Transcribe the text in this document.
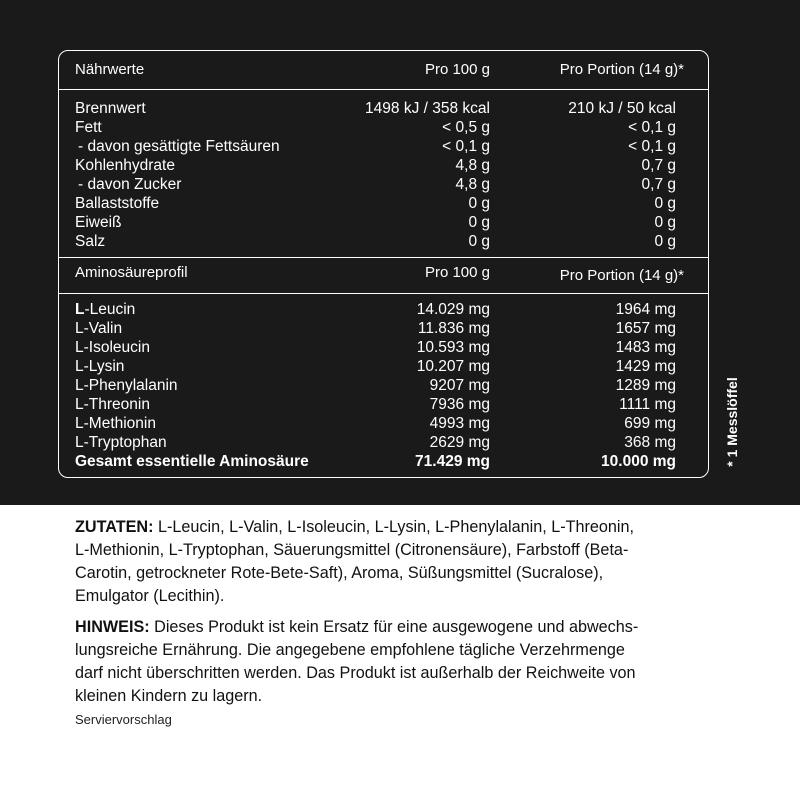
Nährwerte	Pro 100 g	Pro Portion (14 g)*
Brennwert	1498 kJ / 358 kcal	210 kJ / 50 kcal
Fett	< 0,5 g	< 0,1 g
- davon gesättigte Fettsäuren	< 0,1 g	< 0,1 g
Kohlenhydrate	4,8 g	0,7 g
- davon Zucker	4,8 g	0,7 g
Ballaststoffe	0 g	0 g
Eiweiß	0 g	0 g
Salz	0 g	0 g
Aminosäureprofil	Pro 100 g	Pro Portion (14 g)*
L-Leucin	14.029 mg	1964 mg
L-Valin	11.836 mg	1657 mg
L-Isoleucin	10.593 mg	1483 mg
L-Lysin	10.207 mg	1429 mg
L-Phenylalanin	9207 mg	1289 mg
L-Threonin	7936 mg	1111 mg
L-Methionin	4993 mg	699 mg
L-Tryptophan	2629 mg	368 mg
Gesamt essentielle Aminosäure	71.429 mg	10.000 mg	* 1 Messlöffel
ZUTATEN: L-Leucin, L-Valin, L-Isoleucin, L-Lysin, L-Phenylalanin, L-Threonin,
L-Methionin, L-Tryptophan, Säuerungsmittel (Citronensäure), Farbstoff (Beta-
Carotin, getrockneter Rote-Bete-Saft), Aroma, Süßungsmittel (Sucralose),
Emulgator (Lecithin).
HINWEIS: Dieses Produkt ist kein Ersatz für eine ausgewogene und abwechs-
lungsreiche Ernährung. Die angegebene empfohlene tägliche Verzehrmenge
darf nicht überschritten werden. Das Produkt ist außerhalb der Reichweite von
kleinen Kindern zu lagern.
Serviervorschlag
